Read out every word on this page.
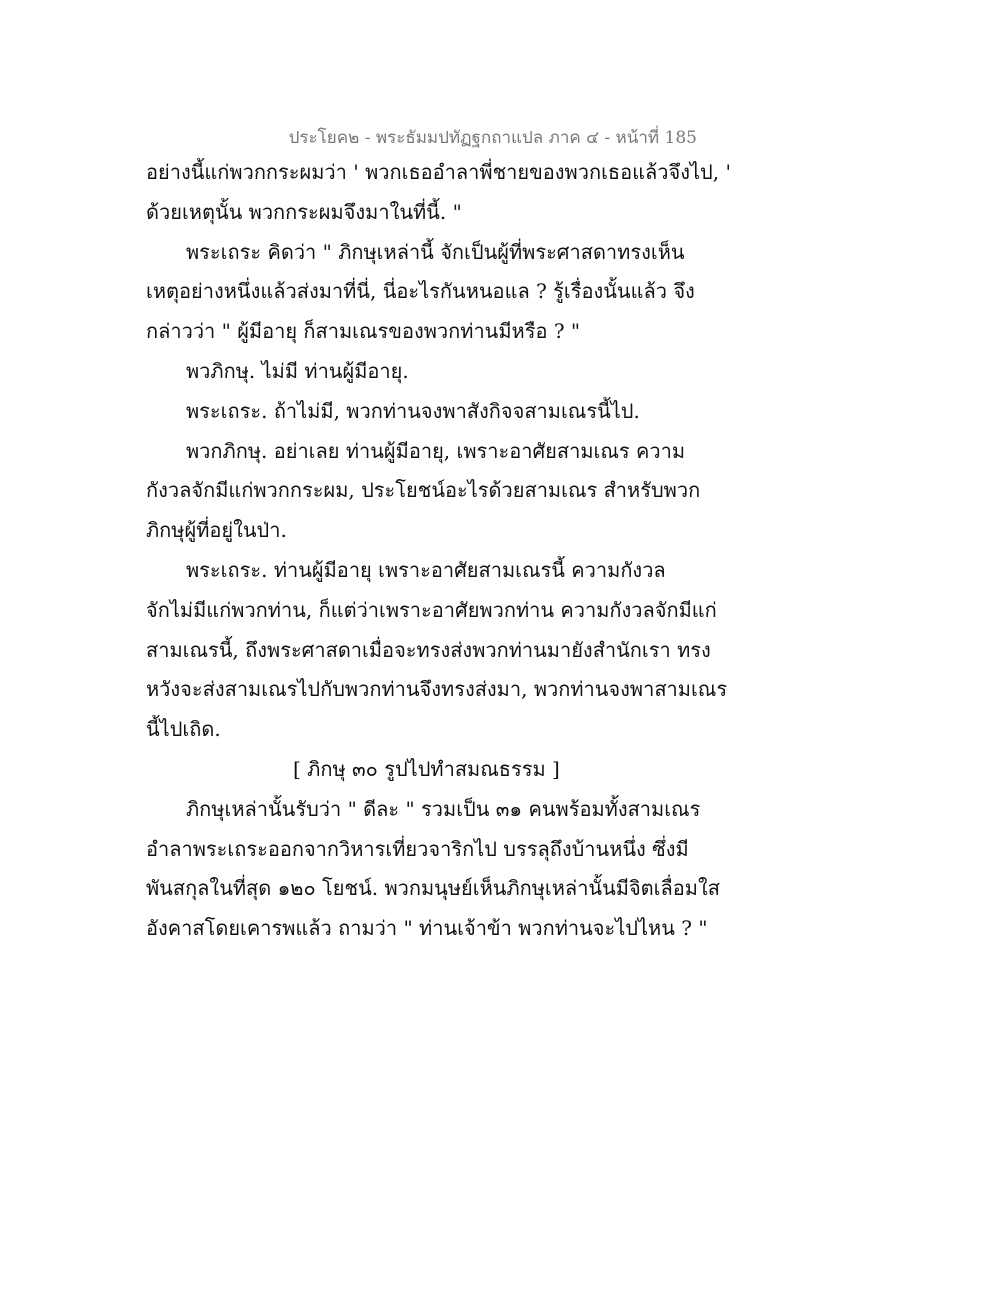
ประโยค๒ - พระธัมมปทัฏฐกถาแปล ภาค ๔ - หน้าที่ 185
อย่างนี้แก่พวกกระผมว่า ' พวกเธออำลาพี่ชายของพวกเธอแล้วจึงไป, '
ด้วยเหตุนั้น พวกกระผมจึงมาในที่นี้. "
พระเถระ คิดว่า " ภิกษุเหล่านี้ จักเป็นผู้ที่พระศาสดาทรงเห็น
เหตุอย่างหนึ่งแล้วส่งมาที่นี่, นี่อะไรกันหนอแล ? รู้เรื่องนั้นแล้ว จึง
กล่าวว่า " ผู้มีอายุ ก็สามเณรของพวกท่านมีหรือ ? "
พวภิกษุ. ไม่มี ท่านผู้มีอายุ.
พระเถระ. ถ้าไม่มี, พวกท่านจงพาสังกิจจสามเณรนี้ไป.
พวกภิกษุ. อย่าเลย ท่านผู้มีอายุ, เพราะอาศัยสามเณร ความ
กังวลจักมีแก่พวกกระผม, ประโยชน์อะไรด้วยสามเณร สำหรับพวก
ภิกษุผู้ที่อยู่ในป่า.
พระเถระ. ท่านผู้มีอายุ เพราะอาศัยสามเณรนี้ ความกังวล
จักไม่มีแก่พวกท่าน, ก็แต่ว่าเพราะอาศัยพวกท่าน ความกังวลจักมีแก่
สามเณรนี้, ถึงพระศาสดาเมื่อจะทรงส่งพวกท่านมายังสำนักเรา ทรง
หวังจะส่งสามเณรไปกับพวกท่านจึงทรงส่งมา, พวกท่านจงพาสามเณร
นี้ไปเถิด.
[ ภิกษุ ๓๐ รูปไปทำสมณธรรม ]
ภิกษุเหล่านั้นรับว่า " ดีละ " รวมเป็น ๓๑ คนพร้อมทั้งสามเณร
อำลาพระเถระออกจากวิหารเที่ยวจาริกไป บรรลุถึงบ้านหนึ่ง ซึ่งมี
พันสกุลในที่สุด ๑๒๐ โยชน์. พวกมนุษย์เห็นภิกษุเหล่านั้นมีจิตเลื่อมใส
อังคาสโดยเคารพแล้ว ถามว่า " ท่านเจ้าข้า พวกท่านจะไปไหน ? "
